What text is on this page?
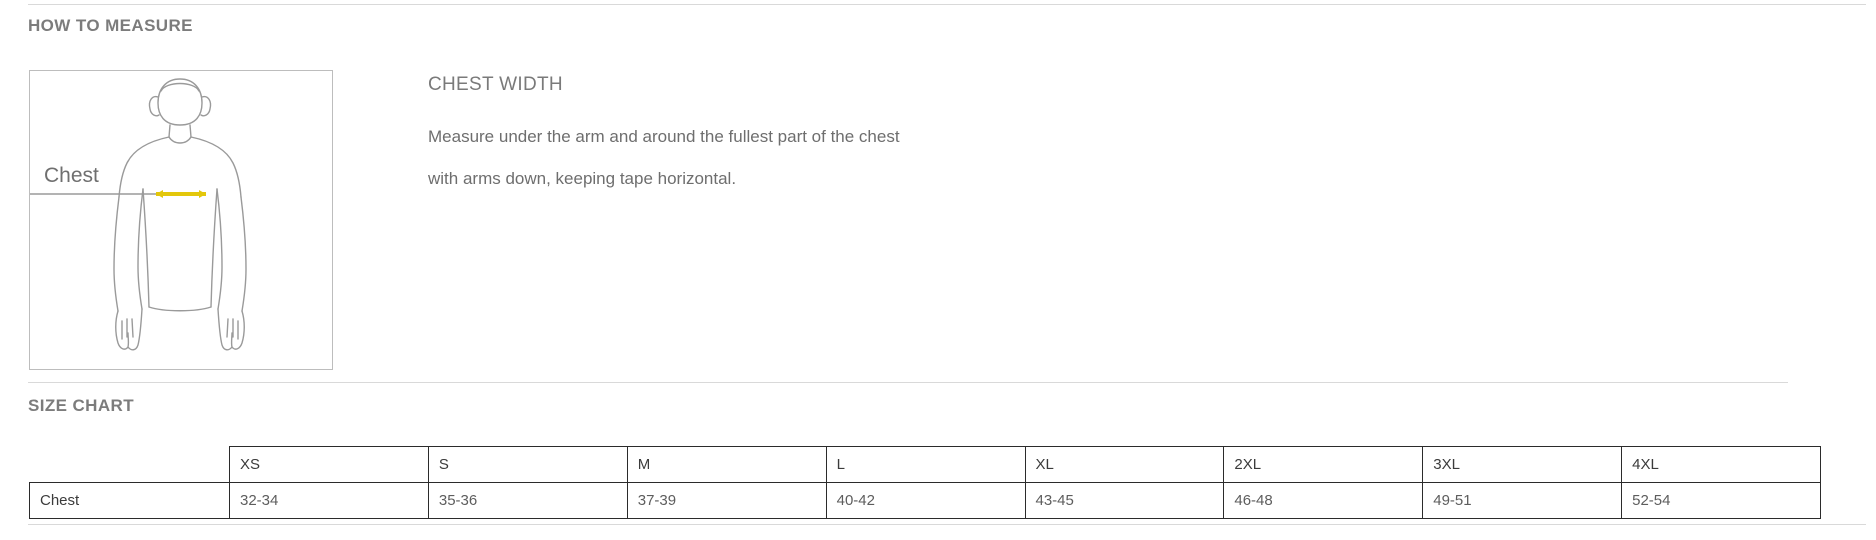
HOW TO MEASURE
Chest
CHEST WIDTH
Measure under the arm and around the fullest part of the chest
with arms down, keeping tape horizontal.
SIZE CHART
	XS	S	M	L	XL	2XL	3XL	4XL
Chest	32-34	35-36	37-39	40-42	43-45	46-48	49-51	52-54
